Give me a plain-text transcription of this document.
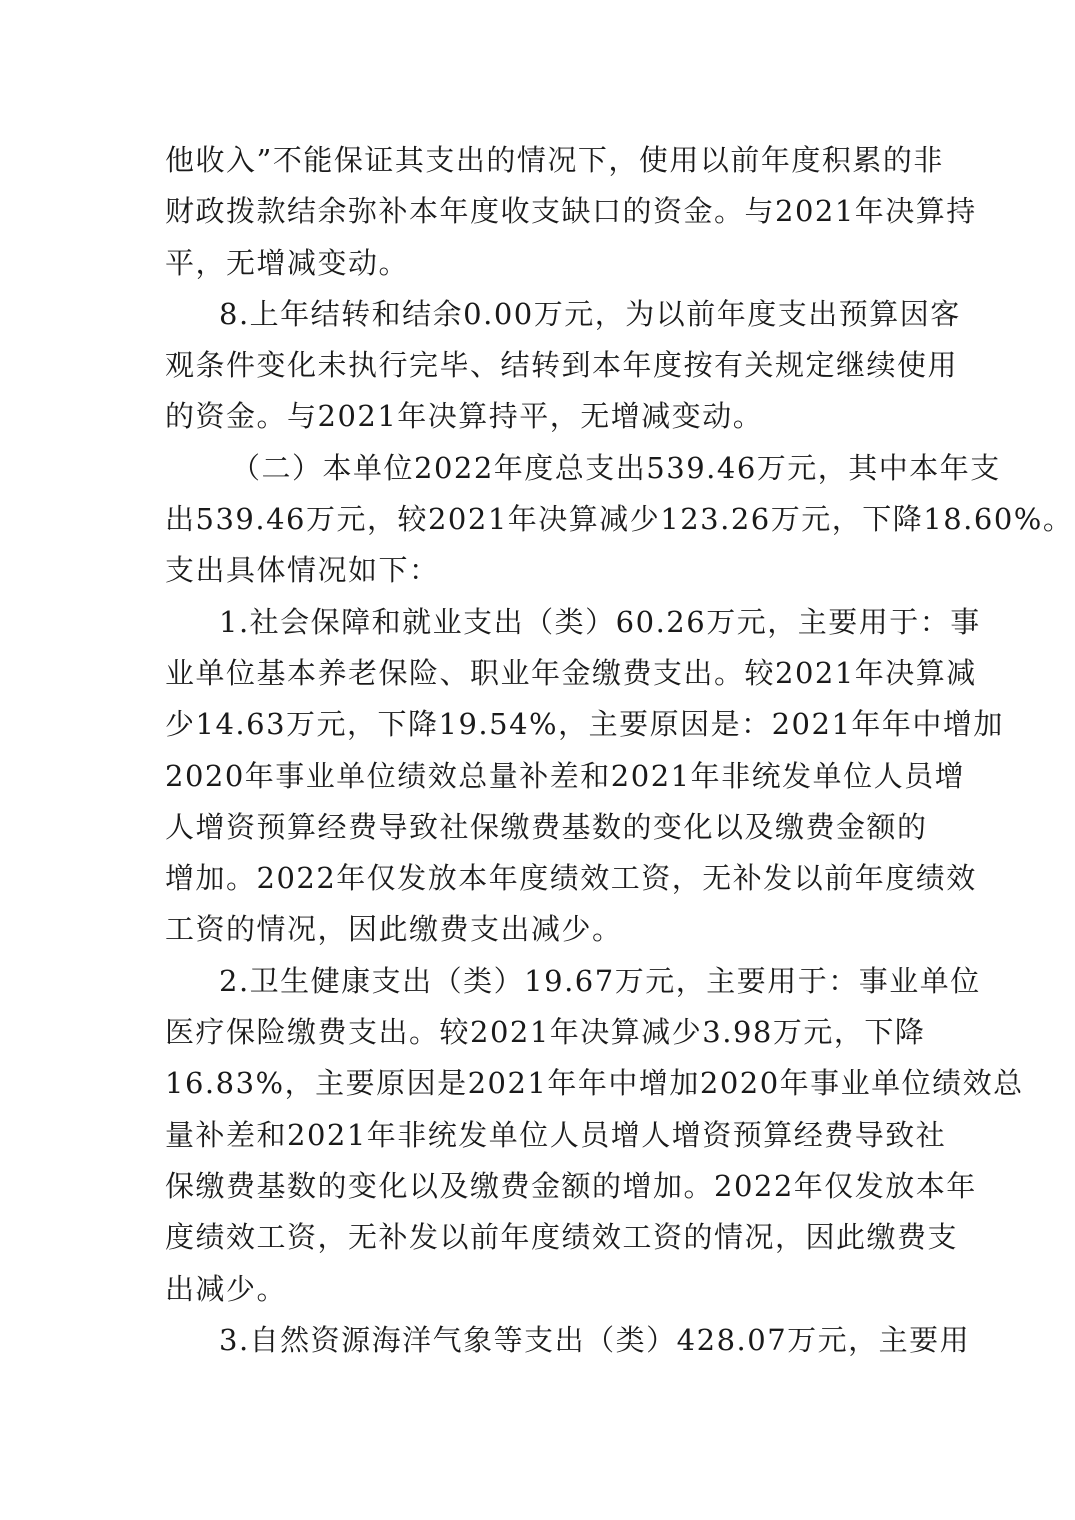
他收入”不能保证其支出的情况下，使用以前年度积累的非
财政拨款结余弥补本年度收支缺口的资金。与2021年决算持
平，无增减变动。
8.上年结转和结余0.00万元，为以前年度支出预算因客
观条件变化未执行完毕、结转到本年度按有关规定继续使用
的资金。与2021年决算持平，无增减变动。
（二）本单位2022年度总支出539.46万元，其中本年支
出539.46万元，较2021年决算减少123.26万元，下降18.60%。
支出具体情况如下：
1.社会保障和就业支出（类）60.26万元，主要用于：事
业单位基本养老保险、职业年金缴费支出。较2021年决算减
少14.63万元，下降19.54%，主要原因是：2021年年中增加
2020年事业单位绩效总量补差和2021年非统发单位人员增
人增资预算经费导致社保缴费基数的变化以及缴费金额的
增加。2022年仅发放本年度绩效工资，无补发以前年度绩效
工资的情况，因此缴费支出减少。
2.卫生健康支出（类）19.67万元，主要用于：事业单位
医疗保险缴费支出。较2021年决算减少3.98万元，下降
16.83%，主要原因是2021年年中增加2020年事业单位绩效总
量补差和2021年非统发单位人员增人增资预算经费导致社
保缴费基数的变化以及缴费金额的增加。2022年仅发放本年
度绩效工资，无补发以前年度绩效工资的情况，因此缴费支
出减少。
3.自然资源海洋气象等支出（类）428.07万元，主要用
